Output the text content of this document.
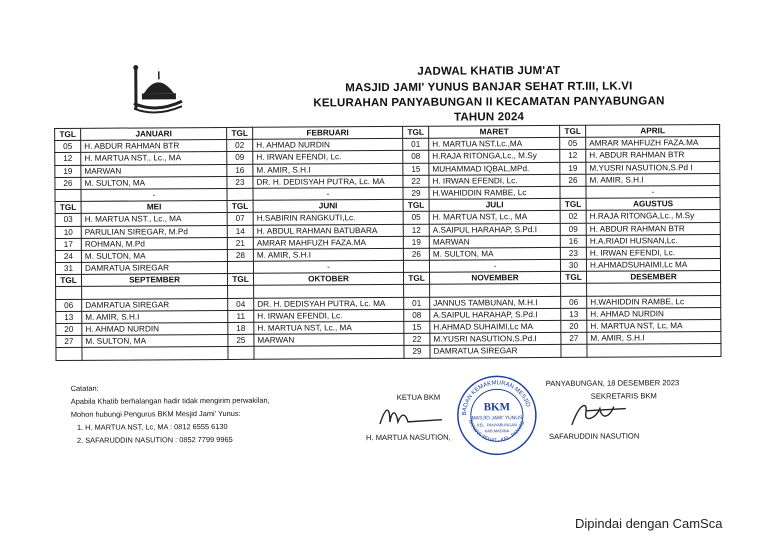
JADWAL KHATIB JUM'AT
MASJID JAMI' YUNUS BANJAR SEHAT RT.III, LK.VI
KELURAHAN PANYABUNGAN II KECAMATAN PANYABUNGAN
TAHUN 2024
TGL	JANUARI	TGL	FEBRUARI	TGL	MARET	TGL	APRIL
05	H. ABDUR RAHMAN BTR	02	H. AHMAD NURDIN	01	H. MARTUA NST.Lc.,MA	05	AMRAR MAHFUZH FAZA.MA
12	H. MARTUA NST., Lc., MA	09	H. IRWAN EFENDI, Lc.	08	H.RAJA RITONGA,Lc., M.Sy	12	H. ABDUR RAHMAN BTR
19	MARWAN	16	M. AMIR, S.H.I	15	MUHAMMAD IQBAL,MPd.	19	M.YUSRI NASUTION,S.Pd I
26	M. SULTON, MA	23	DR. H. DEDISYAH PUTRA, Lc. MA	22	H. IRWAN EFENDI, Lc.	26	M. AMIR, S.H.I
	-		-	29	H.WAHIDDIN RAMBE, Lc		-
TGL	MEI	TGL	JUNI	TGL	JULI	TGL	AGUSTUS
03	H. MARTUA NST., Lc., MA	07	H.SABIRIN RANGKUTI,Lc.	05	H. MARTUA NST, Lc., MA	02	H.RAJA RITONGA,Lc., M.Sy
10	PARULIAN SIREGAR, M.Pd	14	H. ABDUL RAHMAN BATUBARA	12	A.SAIPUL HARAHAP, S.Pd.I	09	H. ABDUR RAHMAN BTR
17	ROHMAN, M.Pd	21	AMRAR MAHFUZH FAZA.MA	19	MARWAN	16	H.A.RIADI HUSNAN,Lc.
24	M. SULTON, MA	28	M. AMIR, S.H.I	26	M. SULTON, MA	23	H. IRWAN EFENDI, Lc.
31	DAMRATUA SIREGAR		-		-	30	H.AHMADSUHAIMI,Lc MA
TGL	SEPTEMBER	TGL	OKTOBER	TGL	NOVEMBER	TGL	DESEMBER

06	DAMRATUA SIREGAR	04	DR. H. DEDISYAH PUTRA, Lc. MA	01	JANNUS TAMBUNAN, M.H.I	06	H.WAHIDDIN RAMBE, Lc
13	M. AMIR, S.H.I	11	H. IRWAN EFENDI, Lc.	08	A.SAIPUL HARAHAP, S.Pd.I	13	H. AHMAD NURDIN
20	H. AHMAD NURDIN	18	H. MARTUA NST, Lc., MA	15	H.AHMAD SUHAIMI,Lc MA	20	H. MARTUA NST, Lc, MA
27	M. SULTON, MA	25	MARWAN	22	M.YUSRI NASUTION,S.Pd.I	27	M. AMIR, S.H.I
				29	DAMRATUA SIREGAR		
Catatan:
Apabila Khatib berhalangan hadir tidak mengirim perwakilan,
Mohon hubungi Pengurus BKM Mesjid Jami' Yunus:
1. H. MARTUA NST, Lc, MA : 0812 6555 6130
2. SAFARUDDIN NASUTION : 0852 7799 9965
PANYABUNGAN, 18 DESEMBER 2023
KETUA BKM	SEKRETARIS BKM
H. MARTUA NASUTION,	SAFARUDDIN NASUTION
BADAN KEMAKMURAN MESJID
BANJAR SEHAT - KEL. PANYABUNGAN
BKM
MASJID JAMI' YUNUS
KEL. PANYABUNGAN
KAB.MADINA
Dipindai dengan CamSca
